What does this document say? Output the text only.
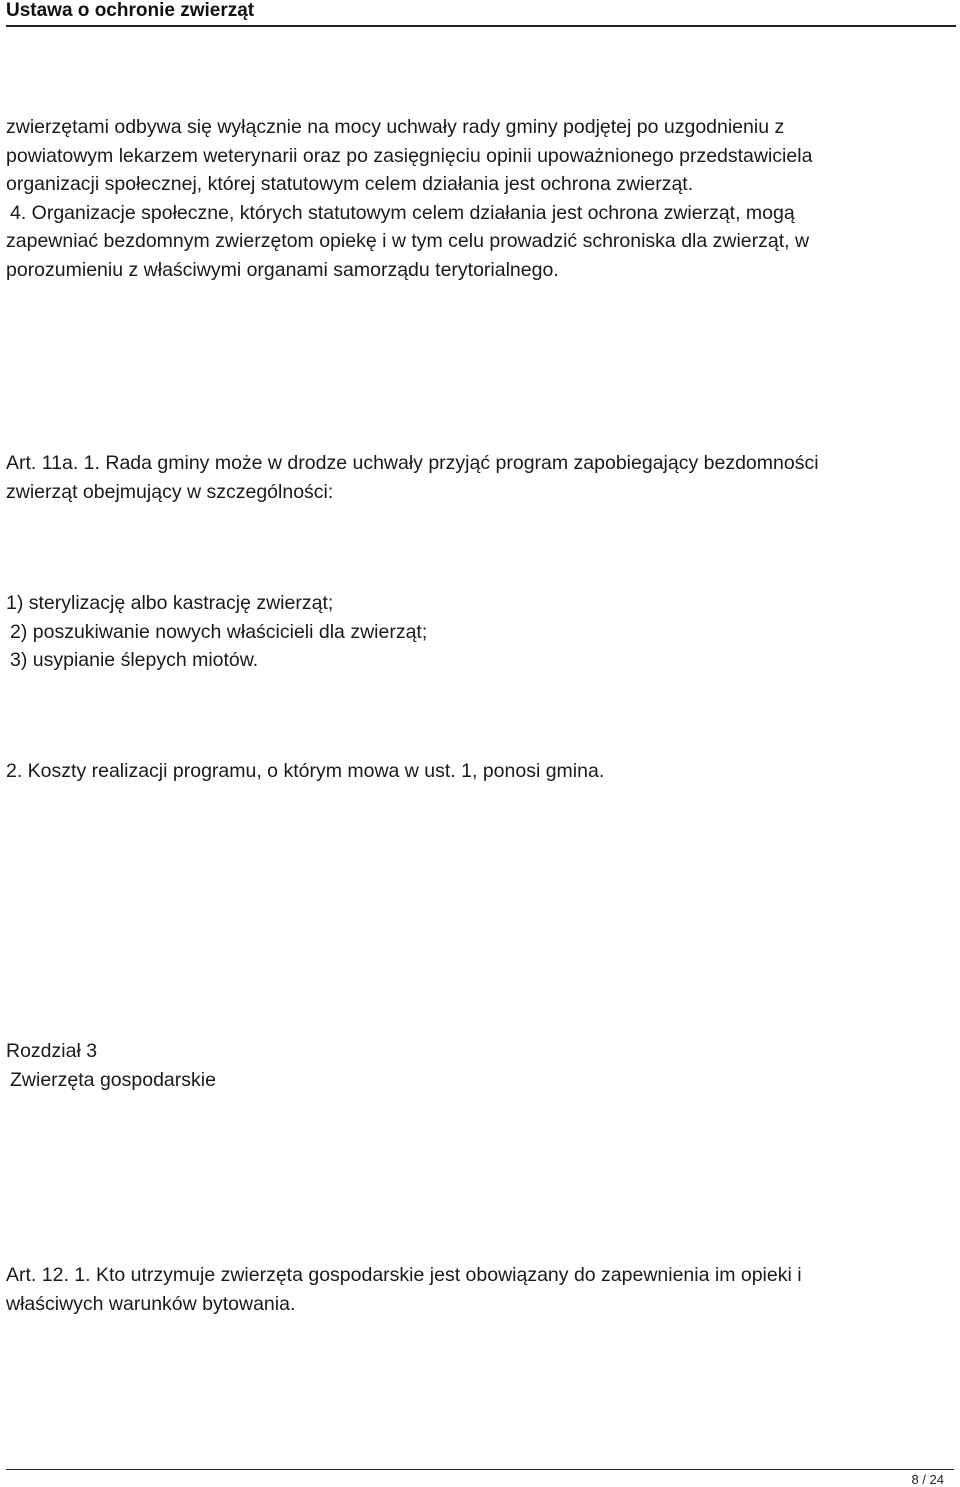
Ustawa o ochronie zwierząt
zwierzętami odbywa się wyłącznie na mocy uchwały rady gminy podjętej po uzgodnieniu z
powiatowym lekarzem weterynarii oraz po zasięgnięciu opinii upoważnionego przedstawiciela
organizacji społecznej, której statutowym celem działania jest ochrona zwierząt.
4. Organizacje społeczne, których statutowym celem działania jest ochrona zwierząt, mogą
zapewniać bezdomnym zwierzętom opiekę i w tym celu prowadzić schroniska dla zwierząt, w
porozumieniu z właściwymi organami samorządu terytorialnego.
Art. 11a. 1. Rada gminy może w drodze uchwały przyjąć program zapobiegający bezdomności
zwierząt obejmujący w szczególności:
1) sterylizację albo kastrację zwierząt;
2) poszukiwanie nowych właścicieli dla zwierząt;
3) usypianie ślepych miotów.
2. Koszty realizacji programu, o którym mowa w ust. 1, ponosi gmina.
Rozdział 3
Zwierzęta gospodarskie
Art. 12. 1. Kto utrzymuje zwierzęta gospodarskie jest obowiązany do zapewnienia im opieki i
właściwych warunków bytowania.
8 / 24
